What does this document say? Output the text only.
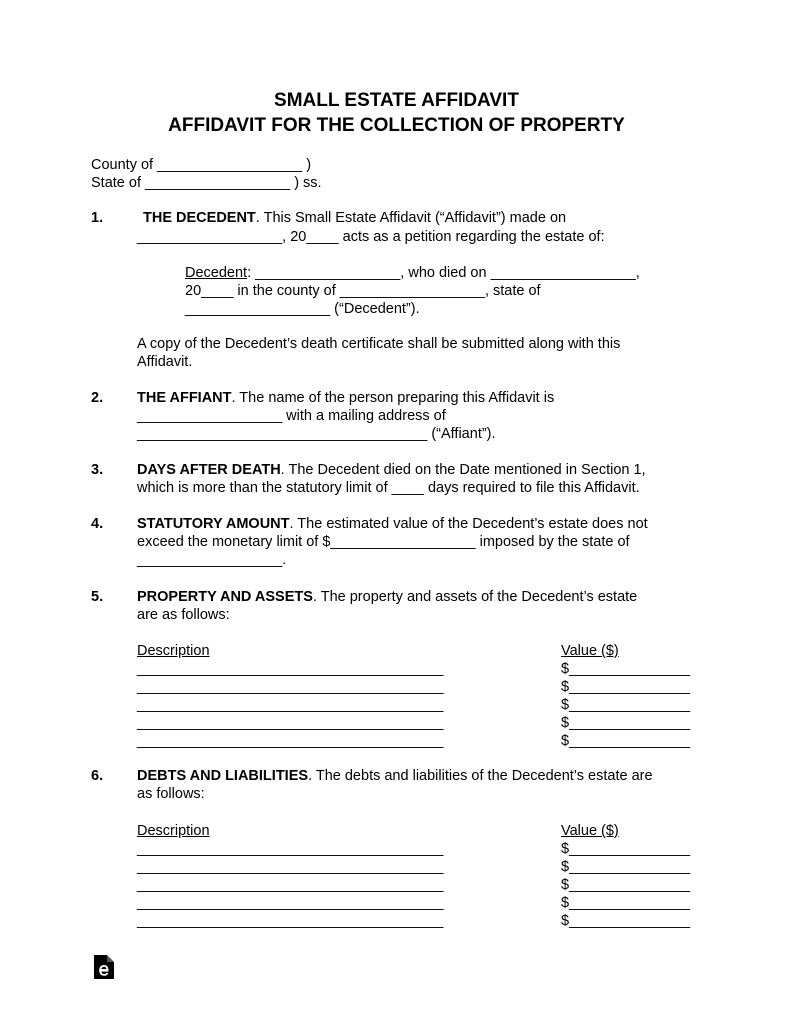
SMALL ESTATE AFFIDAVIT
AFFIDAVIT FOR THE COLLECTION OF PROPERTY
County of __________________ )
State of __________________ ) ss.
1.	THE DECEDENT. This Small Estate Affidavit (“Affidavit”) made on
__________________, 20____ acts as a petition regarding the estate of:
Decedent: __________________, who died on __________________,
20____ in the county of __________________, state of
__________________ (“Decedent”).
A copy of the Decedent’s death certificate shall be submitted along with this
Affidavit.
2. THE AFFIANT. The name of the person preparing this Affidavit is
__________________ with a mailing address of
____________________________________ (“Affiant”).
3. DAYS AFTER DEATH. The Decedent died on the Date mentioned in Section 1,
which is more than the statutory limit of ____ days required to file this Affidavit.
4. STATUTORY AMOUNT. The estimated value of the Decedent’s estate does not
exceed the monetary limit of $__________________ imposed by the state of
__________________.
5. PROPERTY AND ASSETS. The property and assets of the Decedent’s estate
are as follows:
Description	Value ($)
______________________________________	$_______________
______________________________________	$_______________
______________________________________	$_______________
______________________________________	$_______________
______________________________________	$_______________
6. DEBTS AND LIABILITIES. The debts and liabilities of the Decedent’s estate are
as follows:
Description	Value ($)
______________________________________	$_______________
______________________________________	$_______________
______________________________________	$_______________
______________________________________	$_______________
______________________________________	$_______________
